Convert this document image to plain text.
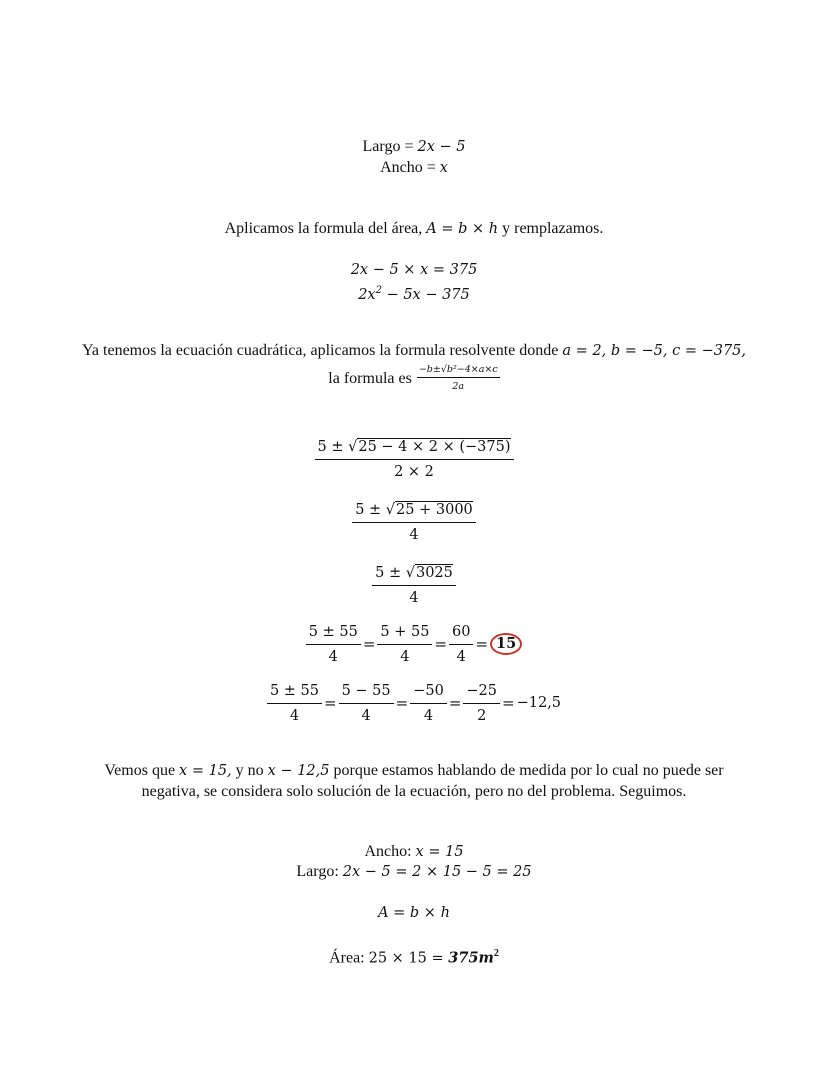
Largo = 2x − 5
Ancho = x
Aplicamos la formula del área, A = b × h y remplazamos.
2x − 5 × x = 375
$2x^2 - 5x - 375$
Ya tenemos la ecuación cuadrática, aplicamos la formula resolvente donde a = 2, b = −5, c = −375,
la formula es $\frac{\text{−b±√b²−4×a×c}}{2a}$
$\frac{5 \pm √25 - 4 \times 2 \times (-375)}{2 \times 2}$
$\frac{5 \pm √25 + 3000}{4}$
$\frac{5 \pm √3025}{4}$
$\frac{5 \pm 55}{4} = \frac{5 + 55}{4} = \frac{60}{4} = 15$
$\frac{5 \pm 55}{4} = \frac{5 - 55}{4} = \frac{-50}{4} = \frac{-25}{2} = -12,5$
Vemos que x = 15, y no x − 12,5 porque estamos hablando de medida por lo cual no puede ser
negativa, se considera solo solución de la ecuación, pero no del problema. Seguimos.
Ancho: x = 15
Largo: 2x − 5 = 2 × 15 − 5 = 25
A = b × h
Área: $25 \times 15 = 375m^2$
